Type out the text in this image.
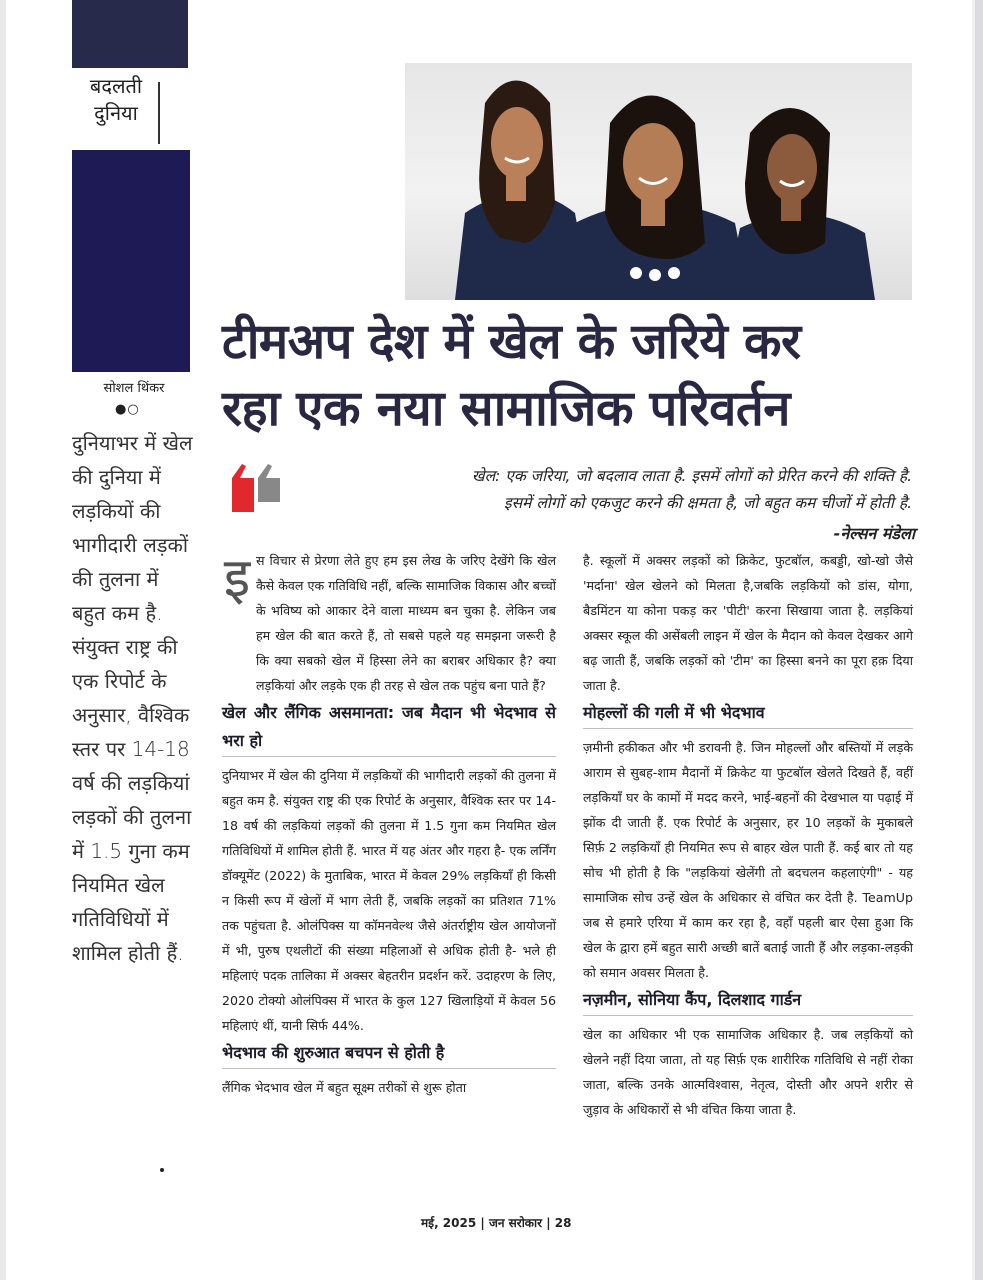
बदलती दुनिया
सोशल थिंकर
●○
दुनियाभर में खेल की दुनिया में लड़कियों की भागीदारी लड़कों की तुलना में बहुत कम है. संयुक्त राष्ट्र की एक रिपोर्ट के अनुसार, वैश्विक स्तर पर 14-18 वर्ष की लड़कियां लड़कों की तुलना में 1.5 गुना कम नियमित खेल गतिविधियों में शामिल होती हैं.
टीमअप देश में खेल के जरिये कर
रहा एक नया सामाजिक परिवर्तन
खेल: एक जरिया, जो बदलाव लाता है. इसमें लोगों को प्रेरित करने की शक्ति है.
इसमें लोगों को एकजुट करने की क्षमता है, जो बहुत कम चीजों में होती है.
-नेल्सन मंडेला
इ स विचार से प्रेरणा लेते हुए हम इस लेख के जरिए देखेंगे कि खेल कैसे केवल एक गतिविधि नहीं, बल्कि सामाजिक विकास और बच्चों के भविष्य को आकार देने वाला माध्यम बन चुका है. लेकिन जब हम खेल की बात करते हैं, तो सबसे पहले यह समझना जरूरी है कि क्या सबको खेल में हिस्सा लेने का बराबर अधिकार है? क्या लड़कियां और लड़के एक ही तरह से खेल तक पहुंच बना पाते हैं?

खेल और लैंगिक असमानता: जब मैदान भी भेदभाव से भरा हो

दुनियाभर में खेल की दुनिया में लड़कियों की भागीदारी लड़कों की तुलना में बहुत कम है. संयुक्त राष्ट्र की एक रिपोर्ट के अनुसार, वैश्विक स्तर पर 14-18 वर्ष की लड़कियां लड़कों की तुलना में 1.5 गुना कम नियमित खेल गतिविधियों में शामिल होती हैं. भारत में यह अंतर और गहरा है- एक लर्निंग डॉक्यूमेंट (2022) के मुताबिक, भारत में केवल 29% लड़कियाँ ही किसी न किसी रूप में खेलों में भाग लेती हैं, जबकि लड़कों का प्रतिशत 71% तक पहुंचता है. ओलंपिक्स या कॉमनवेल्थ जैसे अंतर्राष्ट्रीय खेल आयोजनों में भी, पुरुष एथलीटों की संख्या महिलाओं से अधिक होती है- भले ही महिलाएं पदक तालिका में अक्सर बेहतरीन प्रदर्शन करें. उदाहरण के लिए, 2020 टोक्यो ओलंपिक्स में भारत के कुल 127 खिलाड़ियों में केवल 56 महिलाएं थीं, यानी सिर्फ 44%.

भेदभाव की शुरुआत बचपन से होती है

लैंगिक भेदभाव खेल में बहुत सूक्ष्म तरीकों से शुरू होता

है. स्कूलों में अक्सर लड़कों को क्रिकेट, फुटबॉल, कबड्डी, खो-खो जैसे 'मर्दाना' खेल खेलने को मिलता है,जबकि लड़कियों को डांस, योगा, बैडमिंटन या कोना पकड़ कर 'पीटी' करना सिखाया जाता है. लड़कियां अक्सर स्कूल की असेंबली लाइन में खेल के मैदान को केवल देखकर आगे बढ़ जाती हैं, जबकि लड़कों को 'टीम' का हिस्सा बनने का पूरा हक़ दिया जाता है.

मोहल्लों की गली में भी भेदभाव

ज़मीनी हकीकत और भी डरावनी है. जिन मोहल्लों और बस्तियों में लड़के आराम से सुबह-शाम मैदानों में क्रिकेट या फुटबॉल खेलते दिखते हैं, वहीं लड़कियाँ घर के कामों में मदद करने, भाई-बहनों की देखभाल या पढ़ाई में झोंक दी जाती हैं. एक रिपोर्ट के अनुसार, हर 10 लड़कों के मुकाबले सिर्फ़ 2 लड़कियाँ ही नियमित रूप से बाहर खेल पाती हैं. कई बार तो यह सोच भी होती है कि "लड़कियां खेलेंगी तो बदचलन कहलाएंगी" - यह सामाजिक सोच उन्हें खेल के अधिकार से वंचित कर देती है. TeamUp जब से हमारे एरिया में काम कर रहा है, वहाँ पहली बार ऐसा हुआ कि खेल के द्वारा हमें बहुत सारी अच्छी बातें बताई जाती हैं और लड़का-लड़की को समान अवसर मिलता है.

नज़मीन, सोनिया कैंप, दिलशाद गार्डन

खेल का अधिकार भी एक सामाजिक अधिकार है. जब लड़कियों को खेलने नहीं दिया जाता, तो यह सिर्फ़ एक शारीरिक गतिविधि से नहीं रोका जाता, बल्कि उनके आत्मविश्वास, नेतृत्व, दोस्ती और अपने शरीर से जुड़ाव के अधिकारों से भी वंचित किया जाता है.

मई, 2025 | जन सरोकार | 28
